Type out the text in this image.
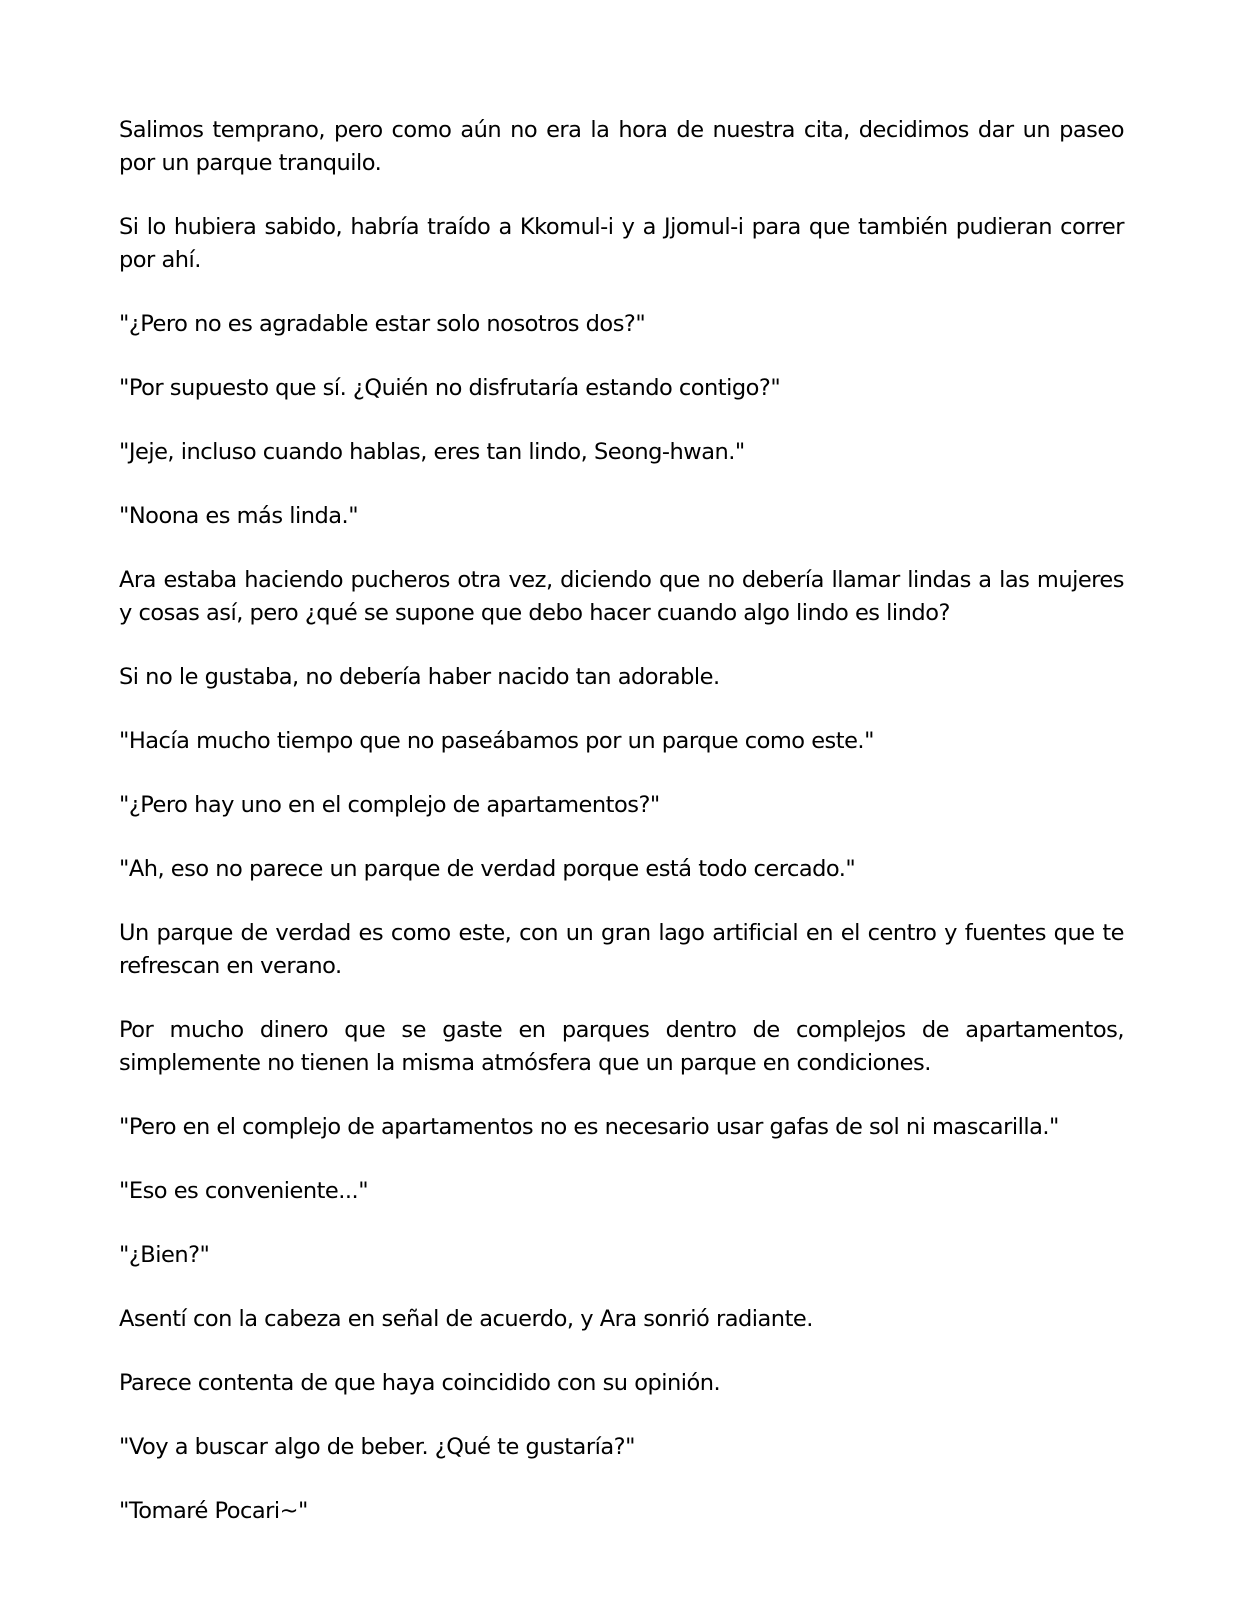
Salimos temprano, pero como aún no era la hora de nuestra cita, decidimos dar un paseo por un parque tranquilo.

Si lo hubiera sabido, habría traído a Kkomul-i y a Jjomul-i para que también pudieran correr por ahí.

"¿Pero no es agradable estar solo nosotros dos?"

"Por supuesto que sí. ¿Quién no disfrutaría estando contigo?"

"Jeje, incluso cuando hablas, eres tan lindo, Seong-hwan."

"Noona es más linda."

Ara estaba haciendo pucheros otra vez, diciendo que no debería llamar lindas a las mujeres y cosas así, pero ¿qué se supone que debo hacer cuando algo lindo es lindo?

Si no le gustaba, no debería haber nacido tan adorable.

"Hacía mucho tiempo que no paseábamos por un parque como este."

"¿Pero hay uno en el complejo de apartamentos?"

"Ah, eso no parece un parque de verdad porque está todo cercado."

Un parque de verdad es como este, con un gran lago artificial en el centro y fuentes que te refrescan en verano.

Por mucho dinero que se gaste en parques dentro de complejos de apartamentos, simplemente no tienen la misma atmósfera que un parque en condiciones.

"Pero en el complejo de apartamentos no es necesario usar gafas de sol ni mascarilla."

"Eso es conveniente..."

"¿Bien?"

Asentí con la cabeza en señal de acuerdo, y Ara sonrió radiante.

Parece contenta de que haya coincidido con su opinión.

"Voy a buscar algo de beber. ¿Qué te gustaría?"

"Tomaré Pocari~"
